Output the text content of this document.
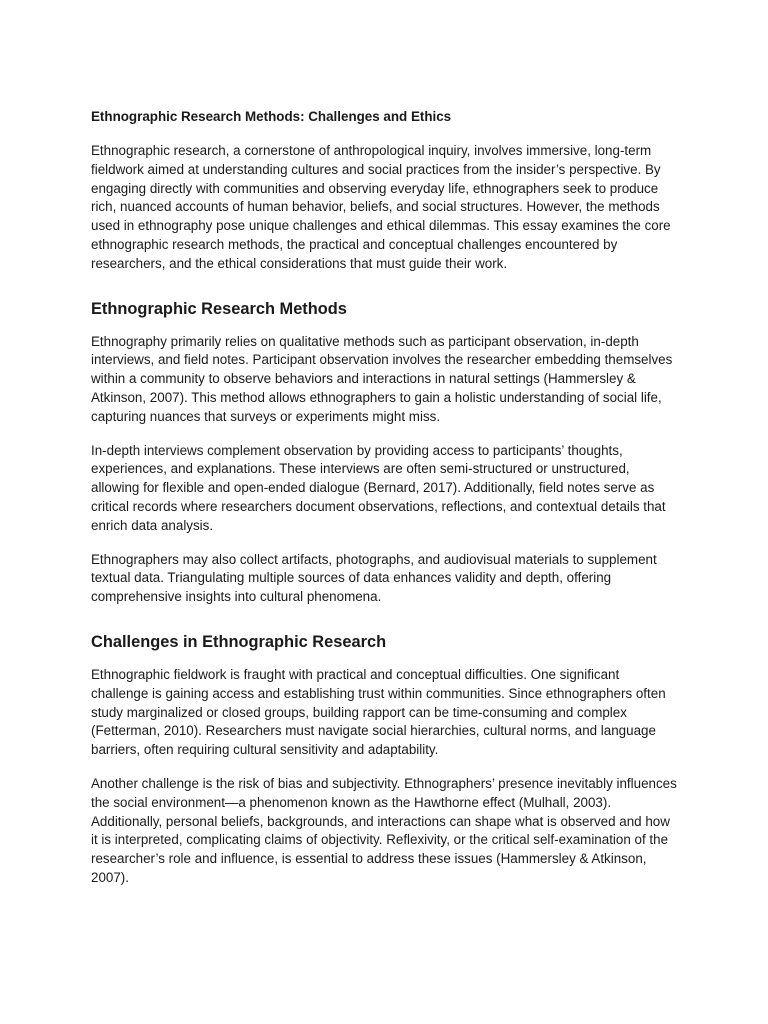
Ethnographic Research Methods: Challenges and Ethics

Ethnographic research, a cornerstone of anthropological inquiry, involves immersive, long-term fieldwork aimed at understanding cultures and social practices from the insider’s perspective. By engaging directly with communities and observing everyday life, ethnographers seek to produce rich, nuanced accounts of human behavior, beliefs, and social structures. However, the methods used in ethnography pose unique challenges and ethical dilemmas. This essay examines the core ethnographic research methods, the practical and conceptual challenges encountered by researchers, and the ethical considerations that must guide their work.

Ethnographic Research Methods

Ethnography primarily relies on qualitative methods such as participant observation, in-depth interviews, and field notes. Participant observation involves the researcher embedding themselves within a community to observe behaviors and interactions in natural settings (Hammersley & Atkinson, 2007). This method allows ethnographers to gain a holistic understanding of social life, capturing nuances that surveys or experiments might miss.

In-depth interviews complement observation by providing access to participants’ thoughts, experiences, and explanations. These interviews are often semi-structured or unstructured, allowing for flexible and open-ended dialogue (Bernard, 2017). Additionally, field notes serve as critical records where researchers document observations, reflections, and contextual details that enrich data analysis.

Ethnographers may also collect artifacts, photographs, and audiovisual materials to supplement textual data. Triangulating multiple sources of data enhances validity and depth, offering comprehensive insights into cultural phenomena.

Challenges in Ethnographic Research

Ethnographic fieldwork is fraught with practical and conceptual difficulties. One significant challenge is gaining access and establishing trust within communities. Since ethnographers often study marginalized or closed groups, building rapport can be time-consuming and complex (Fetterman, 2010). Researchers must navigate social hierarchies, cultural norms, and language barriers, often requiring cultural sensitivity and adaptability.

Another challenge is the risk of bias and subjectivity. Ethnographers’ presence inevitably influences the social environment—a phenomenon known as the Hawthorne effect (Mulhall, 2003). Additionally, personal beliefs, backgrounds, and interactions can shape what is observed and how it is interpreted, complicating claims of objectivity. Reflexivity, or the critical self-examination of the researcher’s role and influence, is essential to address these issues (Hammersley & Atkinson, 2007).
